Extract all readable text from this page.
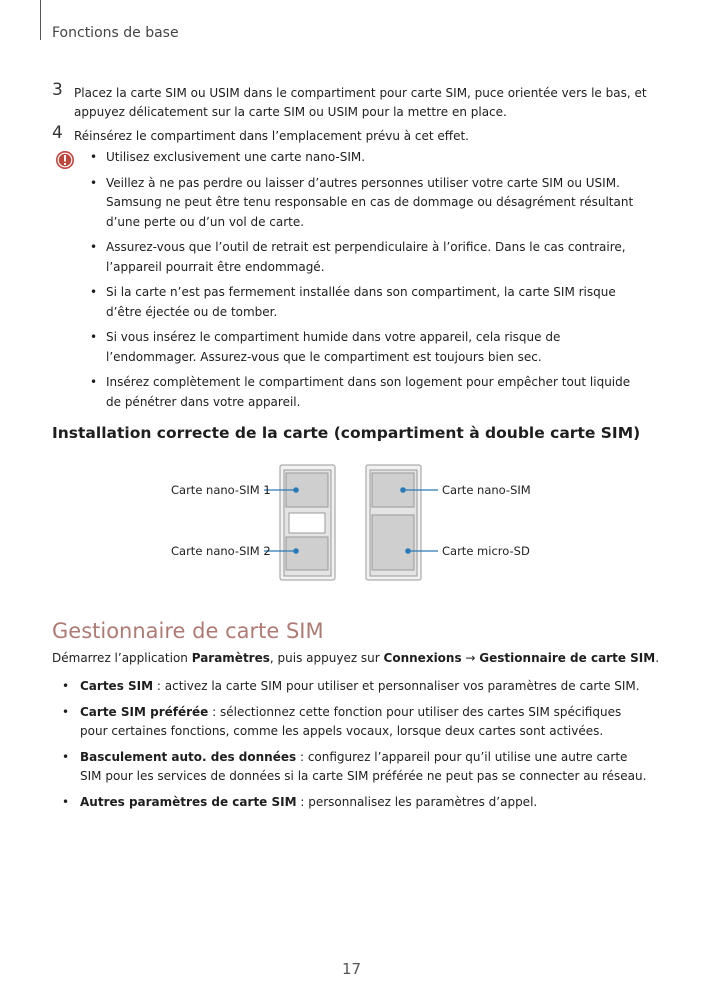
Fonctions de base
3 Placez la carte SIM ou USIM dans le compartiment pour carte SIM, puce orientée vers le bas, et appuyez délicatement sur la carte SIM ou USIM pour la mettre en place.
4 Réinsérez le compartiment dans l’emplacement prévu à cet effet.
• Utilisez exclusivement une carte nano-SIM.
• Veillez à ne pas perdre ou laisser d’autres personnes utiliser votre carte SIM ou USIM. Samsung ne peut être tenu responsable en cas de dommage ou désagrément résultant d’une perte ou d’un vol de carte.
• Assurez-vous que l’outil de retrait est perpendiculaire à l’orifice. Dans le cas contraire, l’appareil pourrait être endommagé.
• Si la carte n’est pas fermement installée dans son compartiment, la carte SIM risque d’être éjectée ou de tomber.
• Si vous insérez le compartiment humide dans votre appareil, cela risque de l’endommager. Assurez-vous que le compartiment est toujours bien sec.
• Insérez complètement le compartiment dans son logement pour empêcher tout liquide de pénétrer dans votre appareil.
Installation correcte de la carte (compartiment à double carte SIM)
Carte nano-SIM 1
Carte nano-SIM 2
Carte nano-SIM
Carte micro-SD
Gestionnaire de carte SIM
Démarrez l’application Paramètres, puis appuyez sur Connexions → Gestionnaire de carte SIM.
• Cartes SIM : activez la carte SIM pour utiliser et personnaliser vos paramètres de carte SIM.
• Carte SIM préférée : sélectionnez cette fonction pour utiliser des cartes SIM spécifiques pour certaines fonctions, comme les appels vocaux, lorsque deux cartes sont activées.
• Basculement auto. des données : configurez l’appareil pour qu’il utilise une autre carte SIM pour les services de données si la carte SIM préférée ne peut pas se connecter au réseau.
• Autres paramètres de carte SIM : personnalisez les paramètres d’appel.
17
